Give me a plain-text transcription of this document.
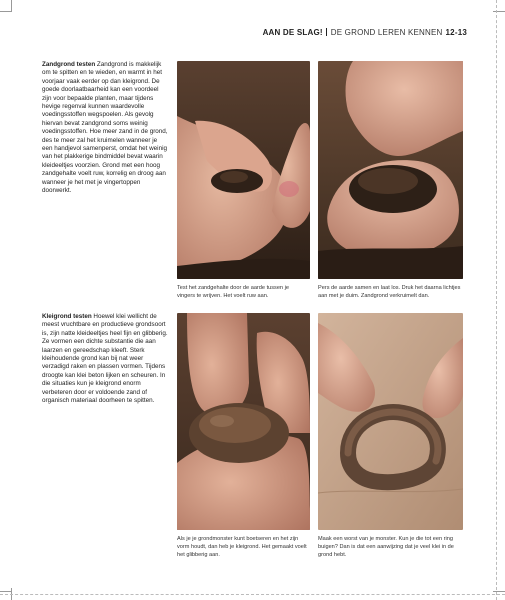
AAN DE SLAG! DE GROND LEREN KENNEN 12-13
Zandgrond testen Zandgrond is makkelijk om te spitten en te wieden, en warmt in het voorjaar vaak eerder op dan kleigrond. De goede doorlaatbaarheid kan een voordeel zijn voor bepaalde planten, maar tijdens hevige regenval kunnen waardevolle voedingsstoffen wegspoelen. Als gevolg hiervan bevat zandgrond soms weinig voedingsstoffen. Hoe meer zand in de grond, des te meer zal het kruimelen wanneer je een handjevol samenperst, omdat het weinig van het plakkerige bindmiddel bevat waarin kleideeltjes voorzien. Grond met een hoog zandgehalte voelt ruw, korrelig en droog aan wanneer je het met je vingertoppen doorwerkt.
Kleigrond testen Hoewel klei wellicht de meest vruchtbare en productieve grondsoort is, zijn natte kleideeltjes heel fijn en glibberig. Ze vormen een dichte substantie die aan laarzen en gereedschap kleeft. Sterk kleihoudende grond kan bij nat weer verzadigd raken en plassen vormen. Tijdens droogte kan klei beton lijken en scheuren. In die situaties kun je kleigrond enorm verbeteren door er voldoende zand of organisch materiaal doorheen te spitten.
Test het zandgehalte door de aarde tussen je vingers te wrijven. Het voelt ruw aan.
Pers de aarde samen en laat los. Druk het daarna lichtjes aan met je duim. Zandgrond verkruimelt dan.
Als je je grondmonster kunt boetseren en het zijn vorm houdt, dan heb je kleigrond. Het gemaakt voelt het glibberig aan.
Maak een worst van je monster. Kun je die tot een ring buigen? Dan is dat een aanwijzing dat je veel klei in de grond hebt.
